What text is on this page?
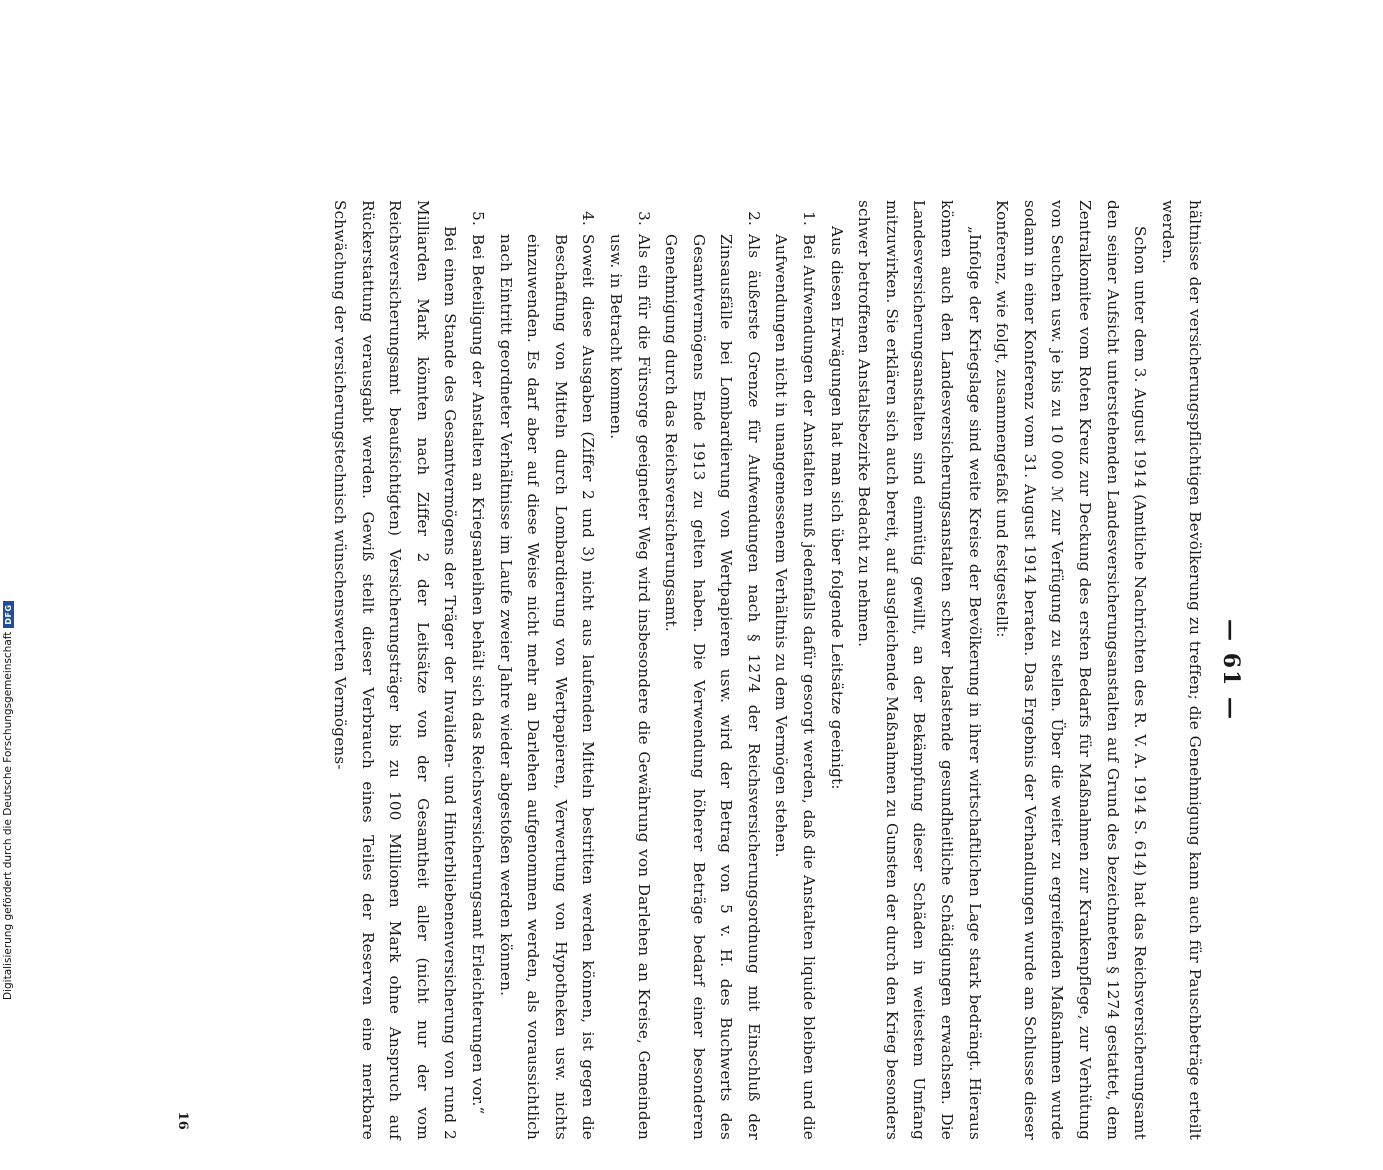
— 61 —

hältnisse der versicherungspflichtigen Bevölkerung zu treffen; die Genehmigung kann auch für Pauschbeträge erteilt werden.

Schon unter dem 3. August 1914 (Amtliche Nachrichten des R. V. A. 1914 S. 614) hat das Reichsversicherungsamt den seiner Aufsicht unterstehenden Landesversicherungsanstalten auf Grund des bezeichneten § 1274 gestattet, dem Zentralkomitee vom Roten Kreuz zur Deckung des ersten Bedarfs für Maßnahmen zur Krankenpflege, zur Verhütung von Seuchen usw. je bis zu 10 000 ℳ zur Verfügung zu stellen. Über die weiter zu ergreifenden Maßnahmen wurde sodann in einer Konferenz vom 31. August 1914 beraten. Das Ergebnis der Verhandlungen wurde am Schlusse dieser Konferenz, wie folgt, zusammengefaßt und festgestellt:

„Infolge der Kriegslage sind weite Kreise der Bevölkerung in ihrer wirtschaftlichen Lage stark bedrängt. Hieraus können auch den Landesversicherungsanstalten schwer belastende gesundheitliche Schädigungen erwachsen. Die Landesversicherungsanstalten sind einmütig gewillt, an der Bekämpfung dieser Schäden in weitestem Umfang mitzuwirken. Sie erklären sich auch bereit, auf ausgleichende Maßnahmen zu Gunsten der durch den Krieg besonders schwer betroffenen Anstaltsbezirke Bedacht zu nehmen.

Aus diesen Erwägungen hat man sich über folgende Leitsätze geeinigt:

1.
Bei Aufwendungen der Anstalten muß jedenfalls dafür gesorgt werden, daß die Anstalten liquide bleiben und die Aufwendungen nicht in unangemessenem Verhältnis zu dem Vermögen stehen.
2.
Als äußerste Grenze für Aufwendungen nach § 1274 der Reichsversicherungsordnung mit Einschluß der Zinsausfälle bei Lombardierung von Wertpapieren usw. wird der Betrag von 5 v. H. des Buchwerts des Gesamtvermögens Ende 1913 zu gelten haben. Die Verwendung höherer Beträge bedarf einer besonderen Genehmigung durch das Reichsversicherungsamt.
3.
Als ein für die Fürsorge geeigneter Weg wird insbesondere die Gewährung von Darlehen an Kreise, Gemeinden usw. in Betracht kommen.
4.
Soweit diese Ausgaben (Ziffer 2 und 3) nicht aus laufenden Mitteln bestritten werden können, ist gegen die Beschaffung von Mitteln durch Lombardierung von Wertpapieren, Verwertung von Hypotheken usw. nichts einzuwenden. Es darf aber auf diese Weise nicht mehr an Darlehen aufgenommen werden, als voraussichtlich nach Eintritt geordneter Verhältnisse im Laufe zweier Jahre wieder abgestoßen werden können.
5.
Bei Beteiligung der Anstalten an Kriegsanleihen behält sich das Reichsversicherungsamt Erleichterungen vor.“

Bei einem Stande des Gesamtvermögens der Träger der Invaliden- und Hinterbliebenenversicherung von rund 2 Milliarden Mark könnten nach Ziffer 2 der Leitsätze von der Gesamtheit aller (nicht nur der vom Reichsversicherungsamt beaufsichtigten) Versicherungsträger bis zu 100 Millionen Mark ohne Anspruch auf Rückerstattung verausgabt werden. Gewiß stellt dieser Verbrauch eines Teiles der Reserven eine merkbare Schwächung der versicherungstechnisch wünschenswerten Vermögens-

16
Digitalisierung gefördert durch die Deutsche Forschungsgemeinschaft
DFG
